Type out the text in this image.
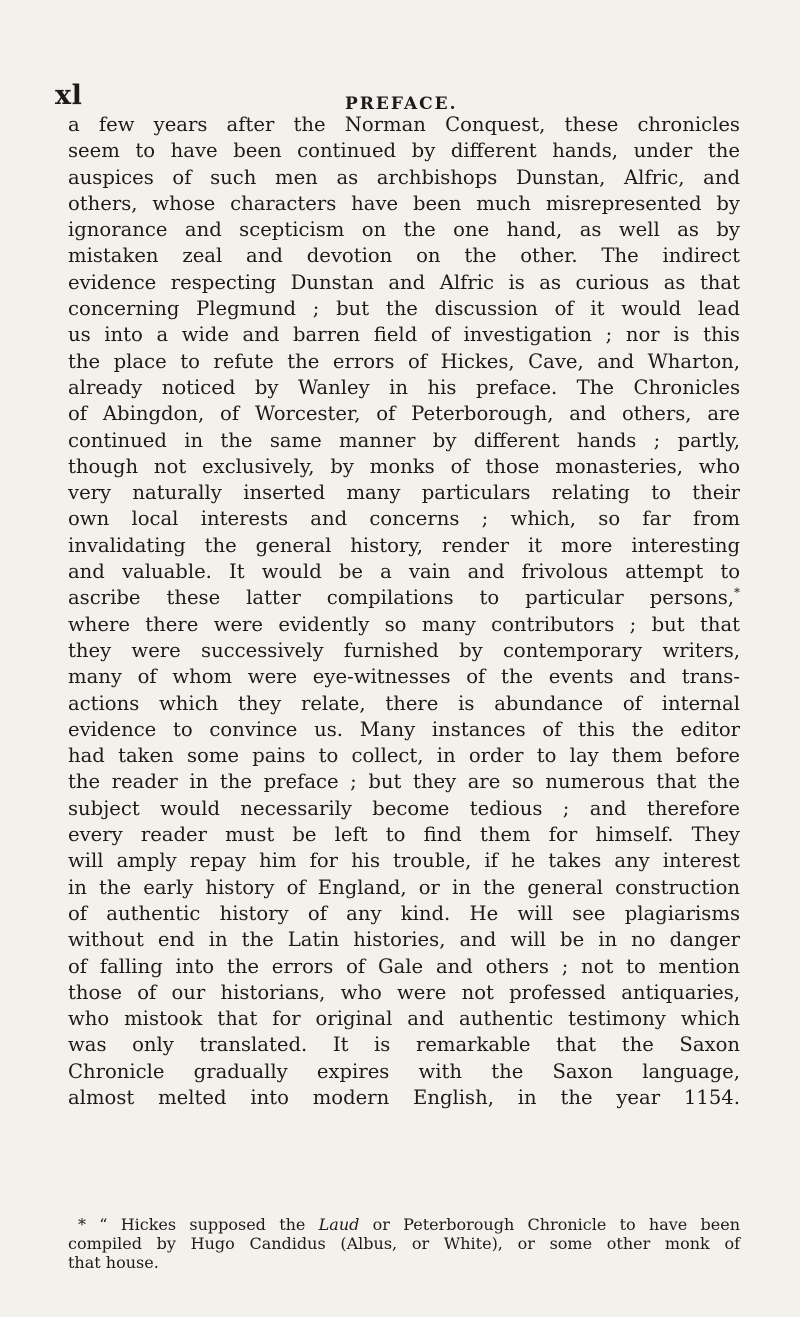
xl	PREFACE.
a few years after the Norman Conquest, these chronicles
seem to have been continued by different hands, under the
auspices of such men as archbishops Dunstan, Alfric, and
others, whose characters have been much misrepresented by
ignorance and scepticism on the one hand, as well as by
mistaken zeal and devotion on the other. The indirect
evidence respecting Dunstan and Alfric is as curious as that
concerning Plegmund ; but the discussion of it would lead
us into a wide and barren field of investigation ; nor is this
the place to refute the errors of Hickes, Cave, and Wharton,
already noticed by Wanley in his preface. The Chronicles
of Abingdon, of Worcester, of Peterborough, and others, are
continued in the same manner by different hands ; partly,
though not exclusively, by monks of those monasteries, who
very naturally inserted many particulars relating to their
own local interests and concerns ; which, so far from
invalidating the general history, render it more interesting
and valuable. It would be a vain and frivolous attempt to
ascribe these latter compilations to particular persons,*
where there were evidently so many contributors ; but that
they were successively furnished by contemporary writers,
many of whom were eye-witnesses of the events and trans-
actions which they relate, there is abundance of internal
evidence to convince us. Many instances of this the editor
had taken some pains to collect, in order to lay them before
the reader in the preface ; but they are so numerous that the
subject would necessarily become tedious ; and therefore
every reader must be left to find them for himself. They
will amply repay him for his trouble, if he takes any interest
in the early history of England, or in the general construction
of authentic history of any kind. He will see plagiarisms
without end in the Latin histories, and will be in no danger
of falling into the errors of Gale and others ; not to mention
those of our historians, who were not professed antiquaries,
who mistook that for original and authentic testimony which
was only translated. It is remarkable that the Saxon
Chronicle gradually expires with the Saxon language,
almost melted into modern English, in the year 1154.
* “ Hickes supposed the Laud or Peterborough Chronicle to have been
compiled by Hugo Candidus (Albus, or White), or some other monk of
that house.
